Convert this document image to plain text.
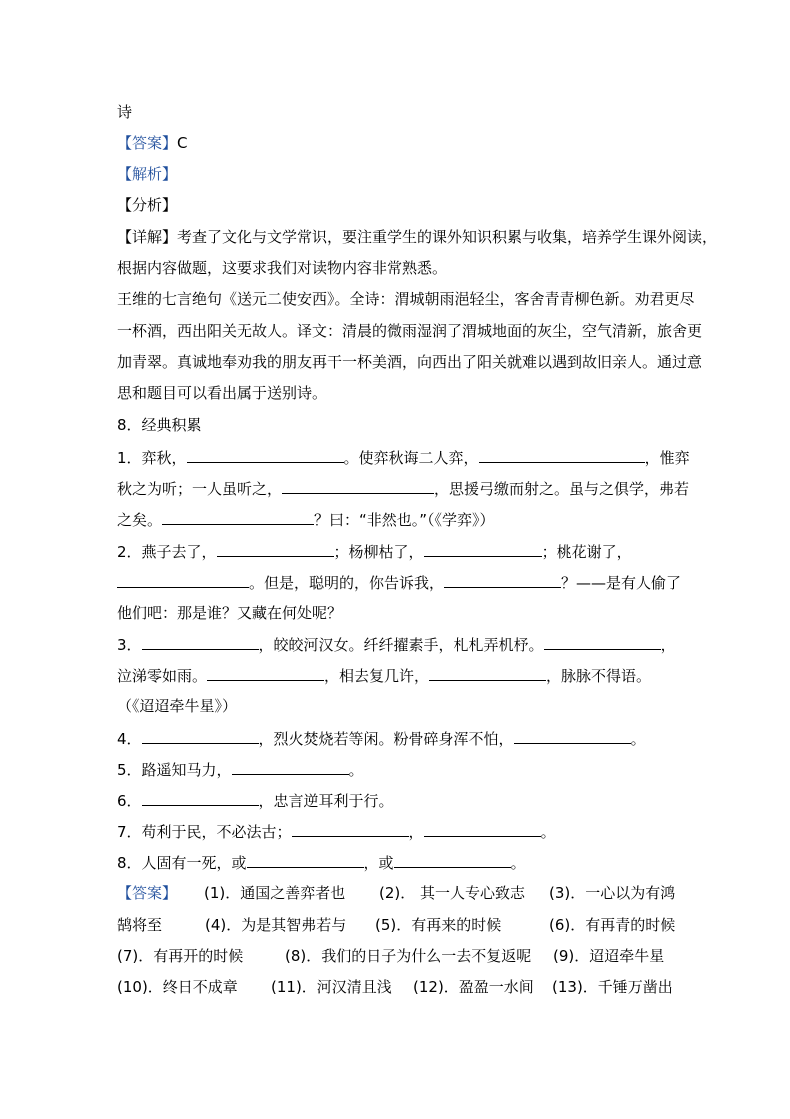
诗
【答案】C
【解析】
【分析】
【详解】考查了文化与文学常识，要注重学生的课外知识积累与收集，培养学生课外阅读，
根据内容做题，这要求我们对读物内容非常熟悉。
王维的七言绝句《送元二使安西》。全诗：渭城朝雨浥轻尘，客舍青青柳色新。劝君更尽
一杯酒，西出阳关无故人。译文：清晨的微雨湿润了渭城地面的灰尘，空气清新，旅舍更
加青翠。真诚地奉劝我的朋友再干一杯美酒，向西出了阳关就难以遇到故旧亲人。通过意
思和题目可以看出属于送别诗。
8．经典积累
1．弈秋，	。使弈秋诲二人弈，	，惟弈
秋之为听；一人虽听之，	，思援弓缴而射之。虽与之俱学，弗若
之矣。	？曰：“非然也。”（《学弈》）
2．燕子去了，	；杨柳枯了，	；桃花谢了，
。但是，聪明的，你告诉我，	？——是有人偷了
他们吧：那是谁？又藏在何处呢？
3．	，皎皎河汉女。纤纤擢素手，札札弄机杼。	，
泣涕零如雨。	，相去复几许，	，脉脉不得语。
（《迢迢牵牛星》）
4．	，烈火焚烧若等闲。粉骨碎身浑不怕，	。
5．路遥知马力，	。
6．	，忠言逆耳利于行。
7．苟利于民，不必法古；	，	。
8．人固有一死，或	，或	。
【答案】 (1)．通国之善弈者也 (2)． 其一人专心致志 (3)．一心以为有鸿
鹄将至	(4)．为是其智弗若与 (5)．有再来的时候	(6)．有再青的时候
(7)．有再开的时候	(8)．我们的日子为什么一去不复返呢 (9)．迢迢牵牛星
(10)．终日不成章 (11)．河汉清且浅 (12)．盈盈一水间 (13)．千锤万凿出
